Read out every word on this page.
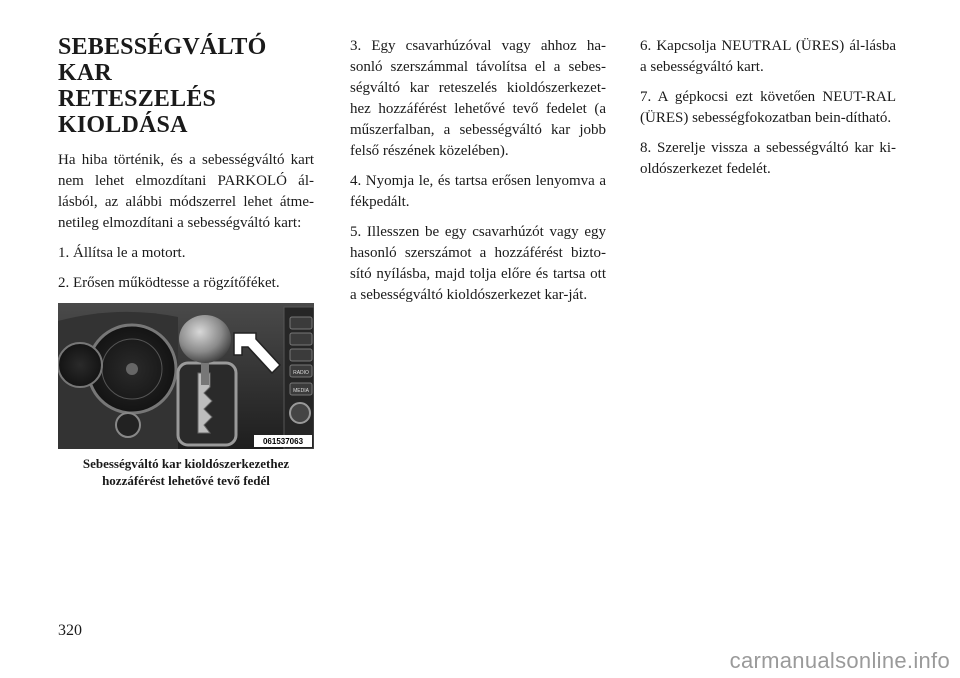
SEBESSÉGVÁLTÓ KAR
RETESZELÉS
KIOLDÁSA

Ha hiba történik, és a sebességváltó kart nem lehet elmozdítani PARKOLÓ ál-lásból, az alábbi módszerrel lehet átme-netileg elmozdítani a sebességváltó kart:

1. Állítsa le a motort.

2. Erősen működtesse a rögzítőféket.

RADIO
MEDIA
061537063
Sebességváltó kar kioldószerkezethez
hozzáférést lehetővé tevő fedél

3. Egy csavarhúzóval vagy ahhoz ha-sonló szerszámmal távolítsa el a sebes-ségváltó kar reteszelés kioldószerkezet-hez hozzáférést lehetővé tevő fedelet (a műszerfalban, a sebességváltó kar jobb felső részének közelében).

4. Nyomja le, és tartsa erősen lenyomva a fékpedált.

5. Illesszen be egy csavarhúzót vagy egy hasonló szerszámot a hozzáférést bizto-sító nyílásba, majd tolja előre és tartsa ott a sebességváltó kioldószerkezet kar-ját.

6. Kapcsolja NEUTRAL (ÜRES) ál-lásba a sebességváltó kart.

7. A gépkocsi ezt követően NEUT-RAL (ÜRES) sebességfokozatban bein-dítható.

8. Szerelje vissza a sebességváltó kar ki-oldószerkezet fedelét.

320
carmanualsonline.info
